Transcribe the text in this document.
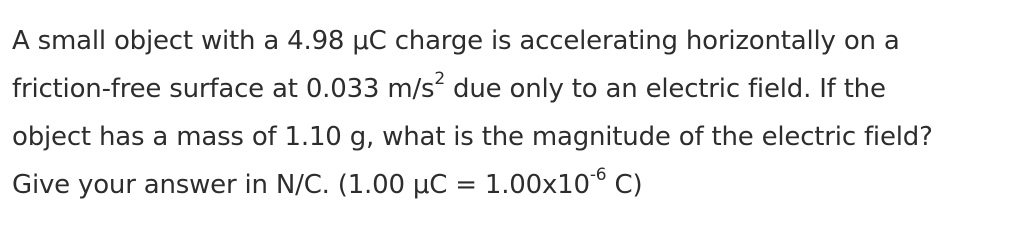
A small object with a 4.98 μC charge is accelerating horizontally on a
friction-free surface at 0.033 $m/s^2$ due only to an electric field. If the
object has a mass of 1.10 g, what is the magnitude of the electric field?
Give your answer in N/C. (1.00 $\mu C = 1.00x10^{-6}$ C)
